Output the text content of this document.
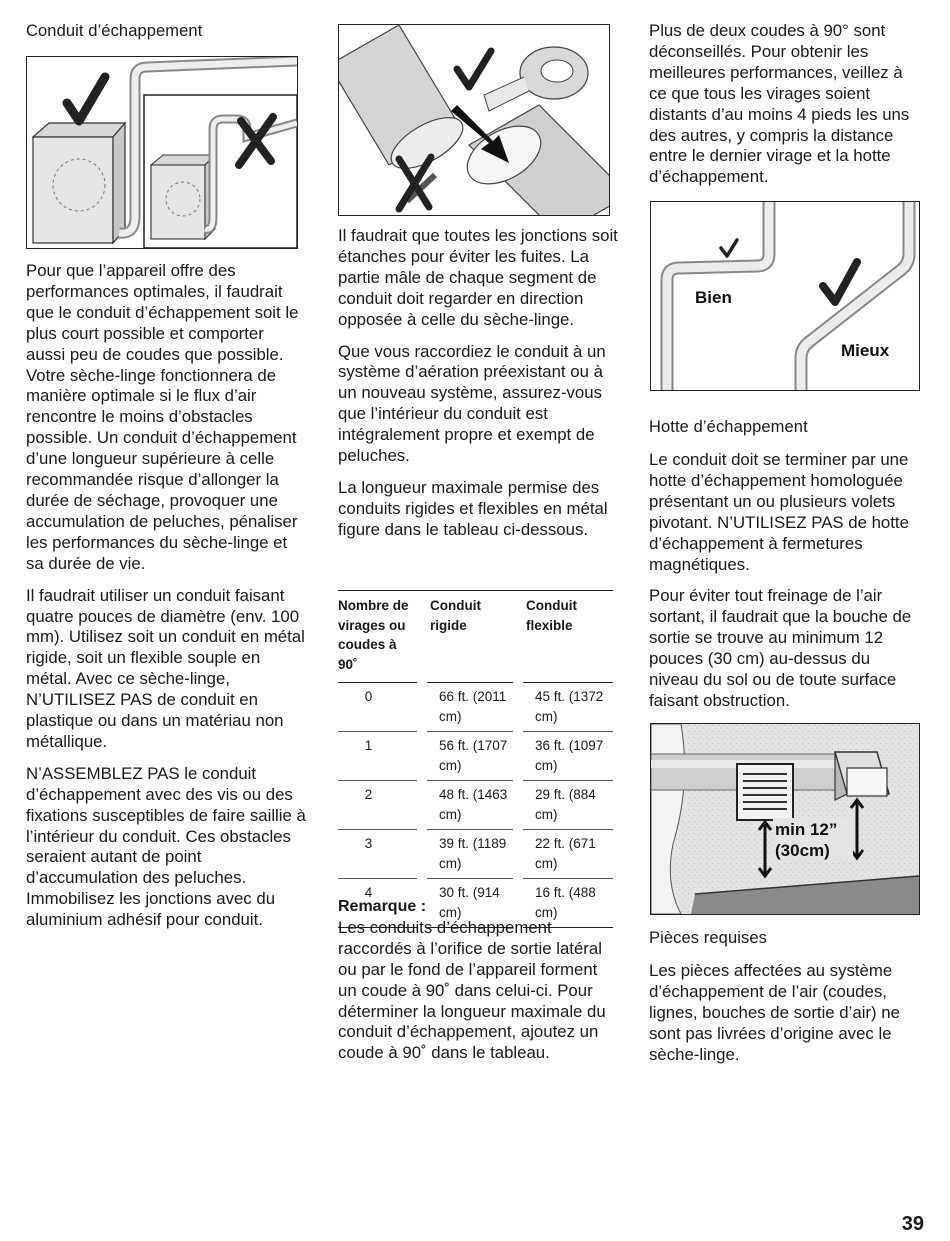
Conduit d’échappement

Pour que l’appareil offre des performances optimales, il faudrait que le conduit d’échappement soit le plus court possible et comporter aussi peu de coudes que possible. Votre sèche-linge fonctionnera de manière optimale si le flux d’air rencontre le moins d’obstacles possible. Un conduit d’échappement d’une longueur supérieure à celle recommandée risque d’allonger la durée de séchage, provoquer une accumulation de peluches, pénaliser les performances du sèche-linge et sa durée de vie.

Il faudrait utiliser un conduit faisant quatre pouces de diamètre (env. 100 mm). Utilisez soit un conduit en métal rigide, soit un flexible souple en métal. Avec ce sèche-linge, N’UTILISEZ PAS de conduit en plastique ou dans un matériau non métallique.

N’ASSEMBLEZ PAS le conduit d’échappement avec des vis ou des fixations susceptibles de faire saillie à l’intérieur du conduit. Ces obstacles seraient autant de point d’accumulation des peluches. Immobilisez les jonctions avec du aluminium adhésif pour conduit.

Il faudrait que toutes les jonctions soit étanches pour éviter les fuites. La partie mâle de chaque segment de conduit doit regarder en direction opposée à celle du sèche-linge.

Que vous raccordiez le conduit à un système d’aération préexistant ou à un nouveau système, assurez-vous que l’intérieur du conduit est intégralement propre et exempt de peluches.

La longueur maximale permise des conduits rigides et flexibles en métal figure dans le tableau ci-dessous.

Nombre de virages ou coudes à 90˚	Conduit rigide	Conduit flexible
0	66 ft. (2011 cm)	45 ft. (1372 cm)
1	56 ft. (1707 cm)	36 ft. (1097 cm)
2	48 ft. (1463 cm)	29 ft. (884 cm)
3	39 ft. (1189 cm)	22 ft. (671 cm)
4	30 ft. (914 cm)	16 ft. (488 cm)

Remarque :

Les conduits d’échappement raccordés à l’orifice de sortie latéral ou par le fond de l’appareil forment un coude à 90˚ dans celui-ci. Pour déterminer la longueur maximale du conduit d’échappement, ajoutez un coude à 90˚ dans le tableau.

Plus de deux coudes à 90° sont déconseillés. Pour obtenir les meilleures performances, veillez à ce que tous les virages soient distants d’au moins 4 pieds les uns des autres, y compris la distance entre le dernier virage et la hotte d’échappement.

Bien
Mieux
Hotte d’échappement

Le conduit doit se terminer par une hotte d’échappement homologuée présentant un ou plusieurs volets pivotant. N’UTILISEZ PAS de hotte d’échappement à fermetures magnétiques.

Pour éviter tout freinage de l’air sortant, il faudrait que la bouche de sortie se trouve au minimum 12 pouces (30 cm) au-dessus du niveau du sol ou de toute surface faisant obstruction.

min 12”
(30cm)
Pièces requises

Les pièces affectées au système d’échappement de l’air (coudes, lignes, bouches de sortie d’air) ne sont pas livrées d’origine avec le sèche-linge.

39
